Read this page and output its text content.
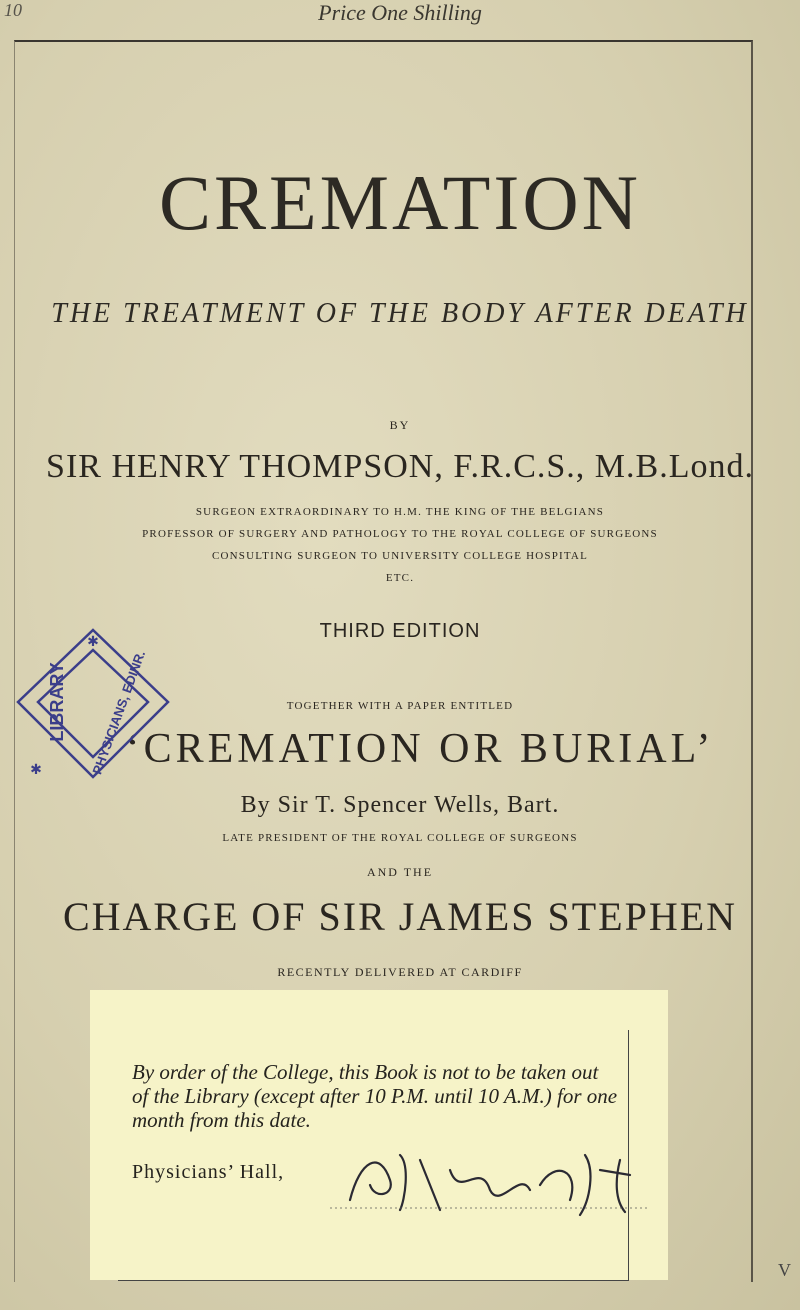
10	Price One Shilling
CREMATION
THE TREATMENT OF THE BODY AFTER DEATH
BY
SIR HENRY THOMPSON, F.R.C.S., M.B.Lond.
SURGEON EXTRAORDINARY TO H.M. THE KING OF THE BELGIANS
PROFESSOR OF SURGERY AND PATHOLOGY TO THE ROYAL COLLEGE OF SURGEONS
CONSULTING SURGEON TO UNIVERSITY COLLEGE HOSPITAL
ETC.
THIRD EDITION
TOGETHER WITH A PAPER ENTITLED
‘CREMATION OR BURIAL’
By Sir T. Spencer Wells, Bart.
LATE PRESIDENT OF THE ROYAL COLLEGE OF SURGEONS
AND THE
CHARGE OF SIR JAMES STEPHEN
RECENTLY DELIVERED AT CARDIFF
✱
✱
LIBRARY PHYSICIANS, EDINR.
By order of the College, this Book is not to be taken out
of the Library (except after 10 P.M. until 10 A.M.) for one
month from this date.
Physicians’ Hall,
V
